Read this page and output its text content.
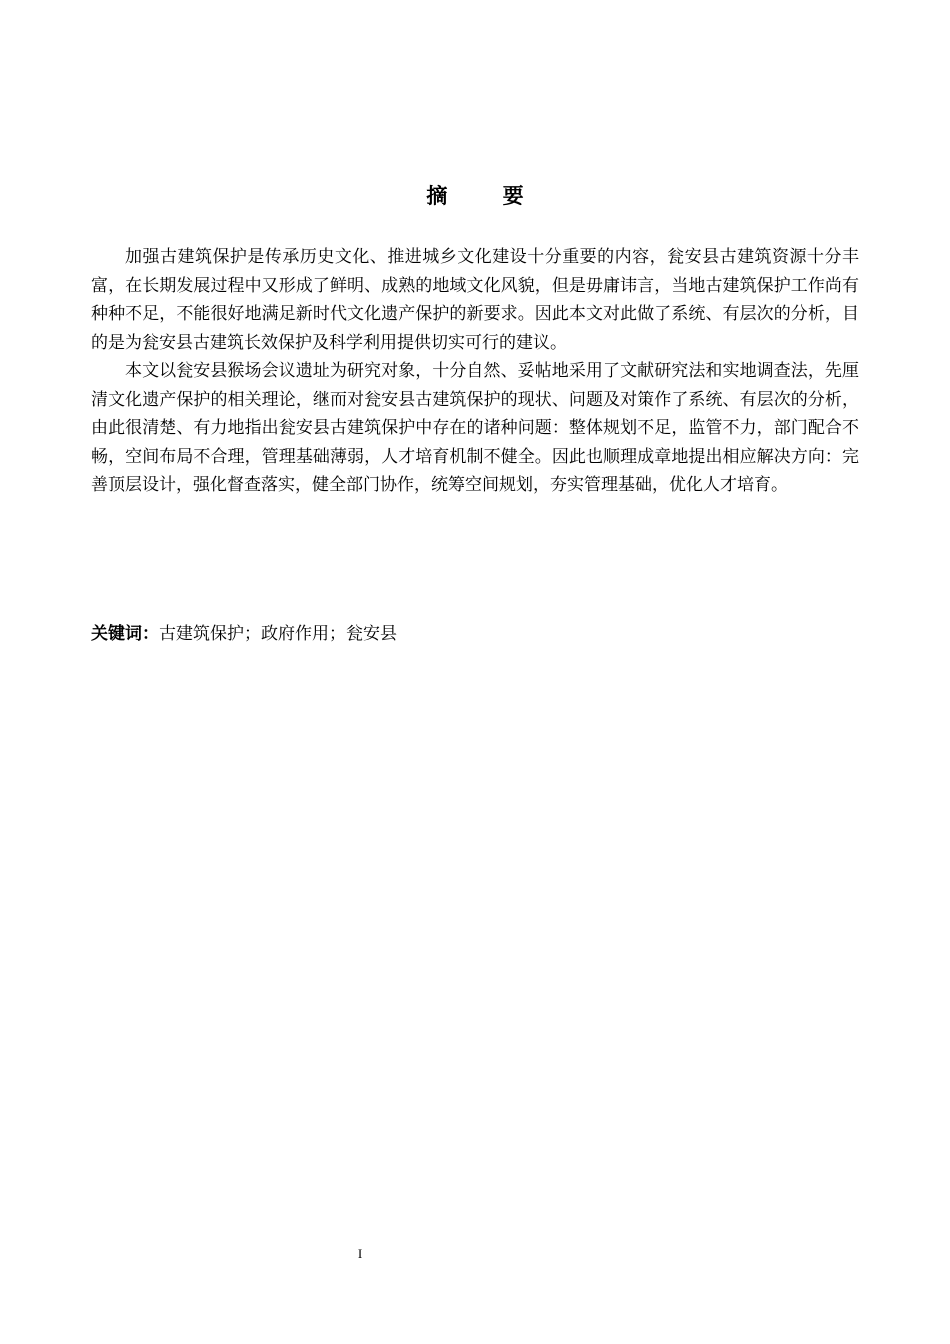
摘 要

加强古建筑保护是传承历史文化、推进城乡文化建设十分重要的内容，瓮安县古建筑资源十分丰富，在长期发展过程中又形成了鲜明、成熟的地域文化风貌，但是毋庸讳言，当地古建筑保护工作尚有种种不足，不能很好地满足新时代文化遗产保护的新要求。因此本文对此做了系统、有层次的分析，目的是为瓮安县古建筑长效保护及科学利用提供切实可行的建议。

本文以瓮安县猴场会议遗址为研究对象，十分自然、妥帖地采用了文献研究法和实地调查法，先厘清文化遗产保护的相关理论，继而对瓮安县古建筑保护的现状、问题及对策作了系统、有层次的分析，由此很清楚、有力地指出瓮安县古建筑保护中存在的诸种问题：整体规划不足，监管不力，部门配合不畅，空间布局不合理，管理基础薄弱，人才培育机制不健全。因此也顺理成章地提出相应解决方向：完善顶层设计，强化督查落实，健全部门协作，统筹空间规划，夯实管理基础，优化人才培育。

关键词：古建筑保护；政府作用；瓮安县
I
